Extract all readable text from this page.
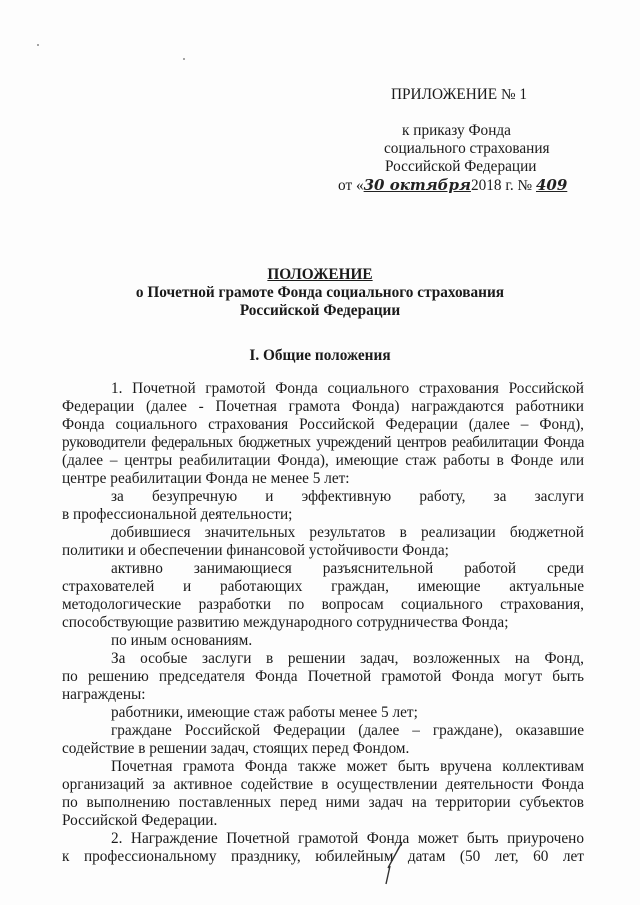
ПРИЛОЖЕНИЕ № 1
к приказу Фонда
социального страхования
Российской Федерации
от «30 октября2018 г. № 409
ПОЛОЖЕНИЕ
о Почетной грамоте Фонда социального страхования
Российской Федерации
I. Общие положения
1. Почетной грамотой Фонда социального страхования Российской
Федерации (далее - Почетная грамота Фонда) награждаются работники
Фонда социального страхования Российской Федерации (далее – Фонд),
руководители федеральных бюджетных учреждений центров реабилитации Фонда
(далее – центры реабилитации Фонда), имеющие стаж работы в Фонде или
центре реабилитации Фонда не менее 5 лет:
за безупречную и эффективную работу, за заслуги
в профессиональной деятельности;
добившиеся значительных результатов в реализации бюджетной
политики и обеспечении финансовой устойчивости Фонда;
активно занимающиеся разъяснительной работой среди
страхователей и работающих граждан, имеющие актуальные
методологические разработки по вопросам социального страхования,
способствующие развитию международного сотрудничества Фонда;
по иным основаниям.
За особые заслуги в решении задач, возложенных на Фонд,
по решению председателя Фонда Почетной грамотой Фонда могут быть
награждены:
работники, имеющие стаж работы менее 5 лет;
граждане Российской Федерации (далее – граждане), оказавшие
содействие в решении задач, стоящих перед Фондом.
Почетная грамота Фонда также может быть вручена коллективам
организаций за активное содействие в осуществлении деятельности Фонда
по выполнению поставленных перед ними задач на территории субъектов
Российской Федерации.
2. Награждение Почетной грамотой Фонда может быть приурочено
к профессиональному празднику, юбилейным датам (50 лет, 60 лет
